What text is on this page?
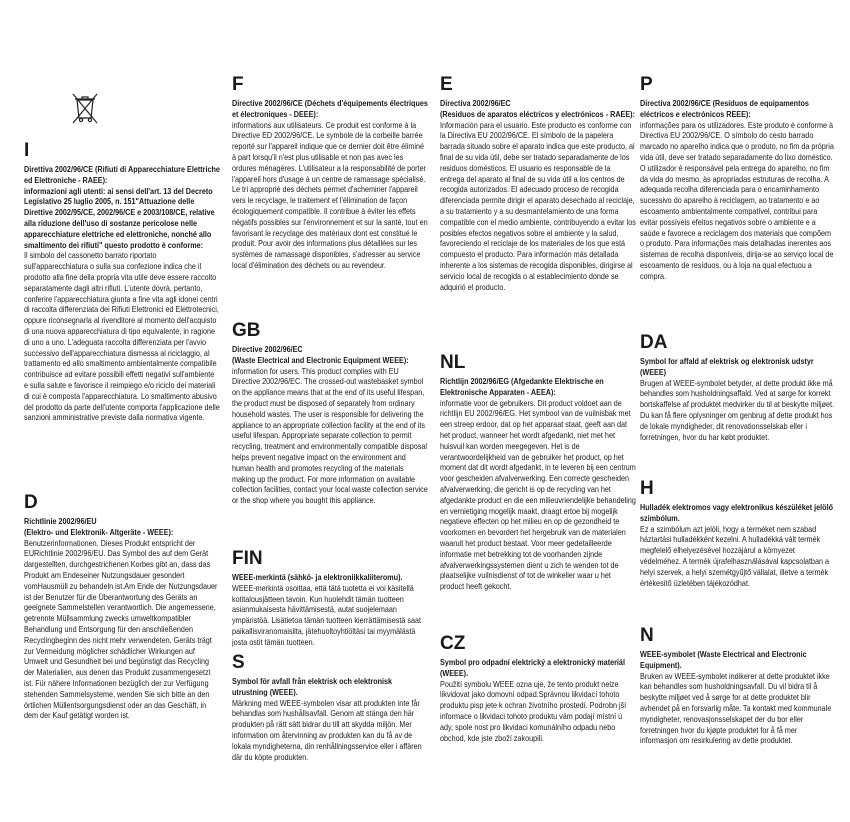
I

Direttiva 2002/96/CE (Rifiuti di Apparecchiature Elettriche ed Elettroniche - RAEE):

informazioni agli utenti: ai sensi dell'art. 13 del Decreto Legislativo 25 luglio 2005, n. 151"Attuazione delle Direttive 2002/95/CE, 2002/96/CE e 2003/108/CE, relative alla riduzione dell'uso di sostanze pericolose nelle apparecchiature elettriche ed elettroniche, nonché allo smaltimento dei rifiuti" questo prodotto è conforme:

Il simbolo del cassonetto barrato riportato sull'apparecchiatura o sulla sua confezione indica che il prodotto alla fine della propria vita utile deve essere raccolto separatamente dagli altri rifiuti. L'utente dovrà, pertanto, conferire l'apparecchiatura giunta a fine vita agli idonei centri di raccolta differenziata dei Rifiuti Elettronici ed Elettrotecnici, oppure riconsegnarla al rivenditore al momento dell'acquisto di una nuova apparecchiatura di tipo equivalente, in ragione di uno a uno. L'adeguata raccolta differenziata per l'avvio successivo dell'apparecchiatura dismessa al riciclaggio, al trattamento ed allo smaltimento ambientalmente compatibile contribuisce ad evitare possibili effetti negativi sull'ambiente e sulla salute e favorisce il reimpiego e/o riciclo dei materiali di cui è composta l'apparecchiatura. Lo smaltimento abusivo del prodotto da parte dell'utente comporta l'applicazione delle sanzioni amministrative previste dalla normativa vigente.

D

Richtlinie 2002/96/EU

(Elektro- und Elektronik- Altgeräte - WEEE):

Benutzerinformationen. Dieses Produkt entspricht der EURichtlinie 2002/96/EU. Das Symbol des auf dem Gerät dargestellten, durchgestrichenen Korbes gibt an, dass das Produkt am Endeseiner Nutzungsdauer gesondert vomHausmüll zu behandeln ist.Am Ende der Nutzungsdauer ist der Benutzer für die Überantwortung des Geräts an geeignete Sammelstellen verantwortlich. Die angemessene, getrennte Müllsammlung zwecks umweltkompatibler Behandlung und Entsorgung für den anschließenden Recyclingbeginn des nicht mehr verwendeten. Geräts trägt zur Vermeidung möglicher schädlicher Wirkungen auf Umwelt und Gesundheit bei und begünstigt das Recycling der Materialien, aus denen das Produkt zusammengesetzt ist. Für nähere Informationen bezüglich der zur Verfügung stehenden Sammelsysteme, wenden Sie sich bitte an den örtlichen Müllentsorgungsdienst oder an das Geschäft, in dem der Kauf getätigt worden ist.

F

Directive 2002/96/CE (Déchets d'équipements électriques et électroniques - DEEE):

informations aux utilisateurs. Ce produit est conforme à la Directive ED 2002/96/CE. Le symbole de la corbeille barrée reporté sur l'appareil indique que ce dernier doit être éliminé à part lorsqu'il n'est plus utilisable et non pas avec les ordures ménagères. L'utilisateur a la responsabilité de porter l'appareil hors d'usage à un centre de ramassage spécialisé. Le tri approprié des déchets permet d'acheminer l'appareil vers le recyclage, le traitement et l'élimination de façon écologiquement compatible. Il contribue à éviter les effets négatifs possibles sur l'environnement et sur la santé, tout en favorisant le recyclage des matériaux dont est constitué le produit. Pour avoir des informations plus détaillées sur les systèmes de ramassage disponibles, s'adresser au service local d'élimination des déchets ou au revendeur.

GB

Directive 2002/96/EC

(Waste Electrical and Electronic Equipment WEEE):

information for users. This product complies with EU Directive 2002/96/EC. The crossed-out wastebasket symbol on the appliance means that at the end of its useful lifespan, the product must be disposed of separately from ordinary household wastes. The user is responsible for delivering the appliance to an appropriate collection facility at the end of its useful lifespan. Appropriate separate collection to permit recycling, treatment and environmentally compatible disposal helps prevent negative impact on the environment and human health and promotes recycling of the materials making up the product. For more information on available collection facilities, contact your local waste collection service or the shop where you bought this appliance.

FIN

WEEE-merkintä (sähkö- ja elektroniikkaliiteromu).

WEEE-merkintä osoittaa, että tätä tuotetta ei voi käsitellä kotitalousjätteen tavoin. Kun huolehdit tämän tuotteen asianmukaisesta hävittämisestä, autat suojelemaan ympäristöä. Lisätietoa tämän tuotteen kierrättämisestä saat paikallisviranomaisilta, jätehuoltoyhtiöltäsi tai myymälästä josta ostit tämän tuotteen.

S

Symbol för avfall från elektrisk och elektronisk utrustning (WEEE).

Märkning med WEEE-symbolen visar att produkten inte får behandlas som hushållsavfall. Genom att stänga den här produkten på rätt sätt bidrar du till att skydda miljön. Mer information om återvinning av produkten kan du få av de lokala myndigheterna, din renhållningsservice eller i affären där du köpte produkten.

E

Directiva 2002/96/EC

(Residuos de aparatos eléctricos y electrónicos - RAEE):

Información para el usuario. Este producto es conforme con la Directiva EU 2002/96/CE. El símbolo de la papelera barrada situado sobre el aparato indica que este producto, al final de su vida útil, debe ser tratado separadamente de los residuos domésticos. El usuario es responsable de la entrega del aparato al final de su vida útil a los centros de recogida autorizados. El adecuado proceso de recogida diferenciada permite dirigir el aparato desechado al reciclaje, a su tratamiento y a su desmantelamiento de una forma compatible con el medio ambiente, contribuyendo a evitar los posibles efectos negativos sobre el ambiente y la salud, favoreciendo el reciclaje de los materiales de los que está compuesto el producto. Para información más detallada inherente a los sistemas de recogida disponibles, dirigirse al servicio local de recogida o al establecimiento donde se adquirió el producto.

NL

Richtlijn 2002/96/EG (Afgedankte Elektrische en Elektronische Apparaten - AEEA):

informatie voor de gebruikers. Dit product voldoet aan de richtlijn EU 2002/96/EG. Het symbool van de vuilnisbak met een streep erdoor, dat op het apparaat staat, geeft aan dat het product, wanneer het wordt afgedankt, niet met het huisvuil kan worden meegegeven. Het is de verantwoordelijkheid van de gebruiker het product, op het moment dat dit wordt afgedankt, in te leveren bij een centrum voor gescheiden afvalverwerking. Een correcte gescheiden afvalverwerking, die gericht is op de recycling van het afgedankte product en die een milieuvriendelijke behandeling en vernietiging mogelijk maakt, draagt ertoe bij mogelijk negatieve effecten op het milieu en op de gezondheid te voorkomen en bevordert het hergebruik van de materialen waaruit het product bestaat. Voor meer gedetailleerde informatie met betrekking tot de voorhanden zijnde afvalverwerkingssystemen dient u zich te wenden tot de plaatselijke vuilnisdienst of tot de winkelier waar u het product heeft gekocht.

CZ

Symbol pro odpadní elektrický a elektronický materiál (WEEE).

Použití symbolu WEEE ozna uje, že tento produkt nelze likvidovat jako domovní odpad.Správnou likvidací tohoto produktu pisp jete k ochran životního prostedí. Podrobn jší informace o likvidaci tohoto produktu vám podají místní ú ady, spole nost pro likvidaci komunálního odpadu nebo obchod, kde jste zboží zakoupili.

P

Directiva 2002/96/CE (Resíduos de equipamentos eléctricos e electrónicos REEE):

informações para os utilizadores. Este produto é conforme à Directiva EU 2002/96/CE. O símbolo do cesto barrado marcado no aparelho indica que o produto, no fim da própria vida útil, deve ser tratado separadamente do lixo doméstico. O utilizador é responsável pela entrega do aparelho, no fim da vida do mesmo, às apropriadas estruturas de recolha. A adequada recolha diferenciada para o encaminhamento sucessivo do aparelho à reciclagem, ao tratamento e ao escoamento ambientalmente compatível, contribui para evitar possíveis efeitos negativos sobre o ambiente e a saúde e favorece a reciclagem dos materiais que compõem o produto. Para informações mais detalhadas inerentes aos sistemas de recolha disponíveis, dirija-se ao serviço local de escoamento de resíduos, ou à loja na qual efectuou a compra.

DA

Symbol for affald af elektrisk og elektronisk udstyr (WEEE)

Brugen af WEEE-symbolet betyder, at dette produkt ikke må behandles som husholdningsaffald. Ved at sørge for korrekt bortskaffelse af produktet medvirker du til at beskytte miljøet. Du kan få flere oplysninger om genbrug af dette produkt hos de lokale myndigheder, dit renovationsselskab eller i forretningen, hvor du har købt produktet.

H

Hulladék elektromos vagy elektronikus készüléket jelölő szimbólum.

Ez a szimbólum azt jelöli, hogy a terméket nem szabad háztartási hulladékként kezelni. A hulladékká vált termék megfelelő elhelyezésével hozzájárul a környezet védelméhez. A termék újrafelhasználásával kapcsolatban a helyi szervek, a helyi szemétgyűjtő vállalat, illetve a termék értékesítő üzletében tájékozódhat.

N

WEEE-symbolet (Waste Electrical and Electronic Equipment).

Bruken av WEEE-symbolet indikerer at dette produktet ikke kan behandles som husholdningsavfall. Du vil bidra til å beskytte miljøet ved å sørge for at dette produktet blir avhendet på en forsvarlig måte. Ta kontakt med kommunale myndigheter, renovasjonsselskapet der du bor eller forretningen hvor du kjøpte produktet for å få mer informasjon om resirkulering av dette produktet.
